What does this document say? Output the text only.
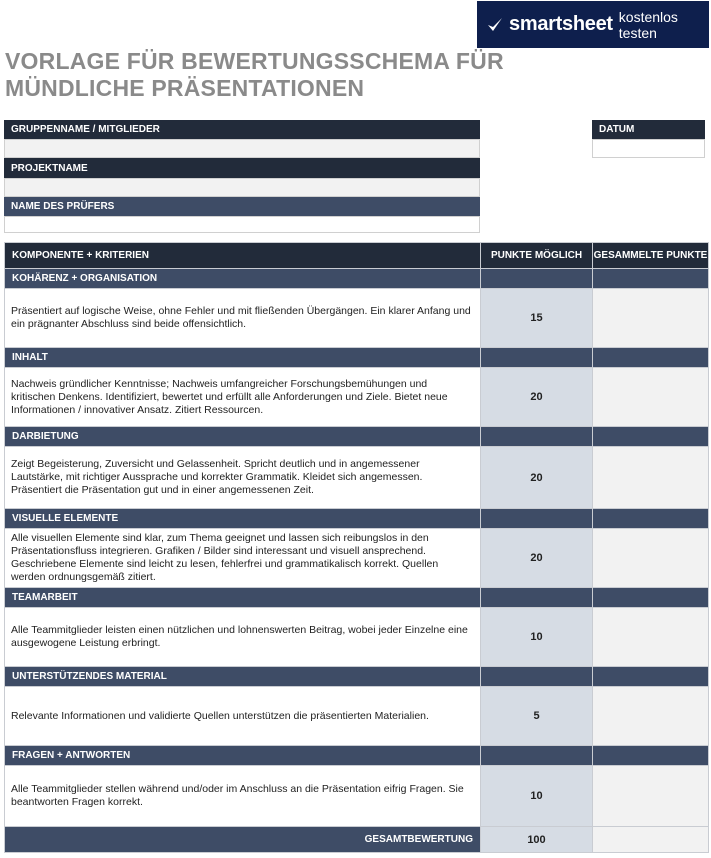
smartsheet kostenlos testen
VORLAGE FÜR BEWERTUNGSSCHEMA FÜR MÜNDLICHE PRÄSENTATIONEN
GRUPPENNAME / MITGLIEDER
PROJEKTNAME
NAME DES PRÜFERS
DATUM
KOMPONENTE + KRITERIEN	PUNKTE MÖGLICH	GESAMMELTE PUNKTE
KOHÄRENZ + ORGANISATION		
Präsentiert auf logische Weise, ohne Fehler und mit fließenden Übergängen. Ein klarer Anfang und ein prägnanter Abschluss sind beide offensichtlich.	15	
INHALT		
Nachweis gründlicher Kenntnisse; Nachweis umfangreicher Forschungsbemühungen und kritischen Denkens. Identifiziert, bewertet und erfüllt alle Anforderungen und Ziele. Bietet neue Informationen / innovativer Ansatz. Zitiert Ressourcen.	20	
DARBIETUNG		
Zeigt Begeisterung, Zuversicht und Gelassenheit. Spricht deutlich und in angemessener Lautstärke, mit richtiger Aussprache und korrekter Grammatik. Kleidet sich angemessen. Präsentiert die Präsentation gut und in einer angemessenen Zeit.	20	
VISUELLE ELEMENTE		
Alle visuellen Elemente sind klar, zum Thema geeignet und lassen sich reibungslos in den Präsentationsfluss integrieren. Grafiken / Bilder sind interessant und visuell ansprechend. Geschriebene Elemente sind leicht zu lesen, fehlerfrei und grammatikalisch korrekt. Quellen werden ordnungsgemäß zitiert.	20	
TEAMARBEIT		
Alle Teammitglieder leisten einen nützlichen und lohnenswerten Beitrag, wobei jeder Einzelne eine ausgewogene Leistung erbringt.	10	
UNTERSTÜTZENDES MATERIAL		
Relevante Informationen und validierte Quellen unterstützen die präsentierten Materialien.	5	
FRAGEN + ANTWORTEN		
Alle Teammitglieder stellen während und/oder im Anschluss an die Präsentation eifrig Fragen. Sie beantworten Fragen korrekt.	10	
GESAMTBEWERTUNG	100	
